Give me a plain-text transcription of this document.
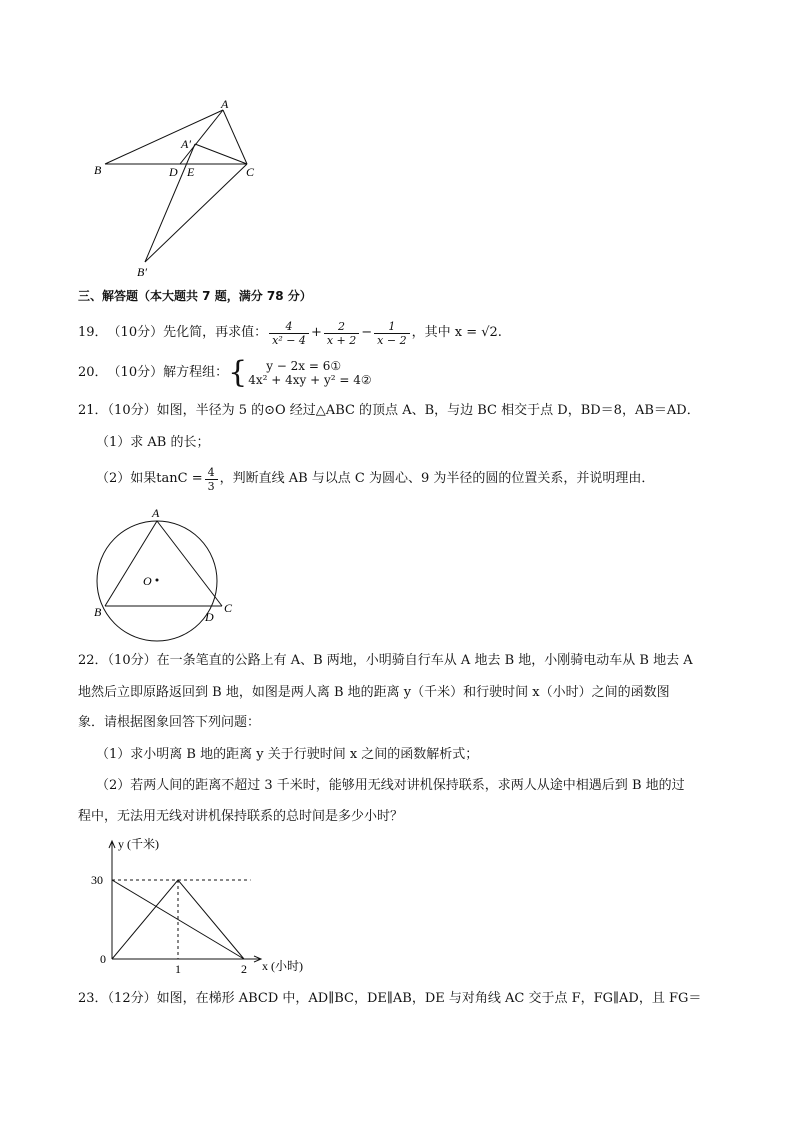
A
A′
B	D E	C
B′
三、解答题（本大题共 7 题，满分 78 分）
19． （10分） 先化简，再求值： $\frac{4}{\text{x² − 4}} + \frac{2}{x + 2} - \frac{1}{x - 2}$ ，其中 x = √2.
20． （10分） 解方程组： {	y − 2x = 6①
4x² + 4xy + y² = 4②
21．（10分）如图，半径为 5 的⊙O 经过△ABC 的顶点 A、B，与边 BC 相交于点 D，BD＝8，AB＝AD．
（1）求 AB 的长；
（2）如果$\tan C = \frac{4}{3}$ ，判断直线 AB 与以点 C 为圆心、9 为半径的圆的位置关系，并说明理由．
A
O
B	D
C
22．（10分）在一条笔直的公路上有 A、B 两地，小明骑自行车从 A 地去 B 地，小刚骑电动车从 B 地去 A
地然后立即原路返回到 B 地，如图是两人离 B 地的距离 y（千米）和行驶时间 x（小时）之间的函数图
象．请根据图象回答下列问题：
（1）求小明离 B 地的距离 y 关于行驶时间 x 之间的函数解析式；
（2）若两人间的距离不超过 3 千米时，能够用无线对讲机保持联系，求两人从途中相遇后到 B 地的过
程中，无法用无线对讲机保持联系的总时间是多少小时？
1	2
30
y (千米)
x (小时)
0
23．（12分）如图，在梯形 ABCD 中，AD∥BC，DE∥AB，DE 与对角线 AC 交于点 F，FG∥AD，且 FG＝
